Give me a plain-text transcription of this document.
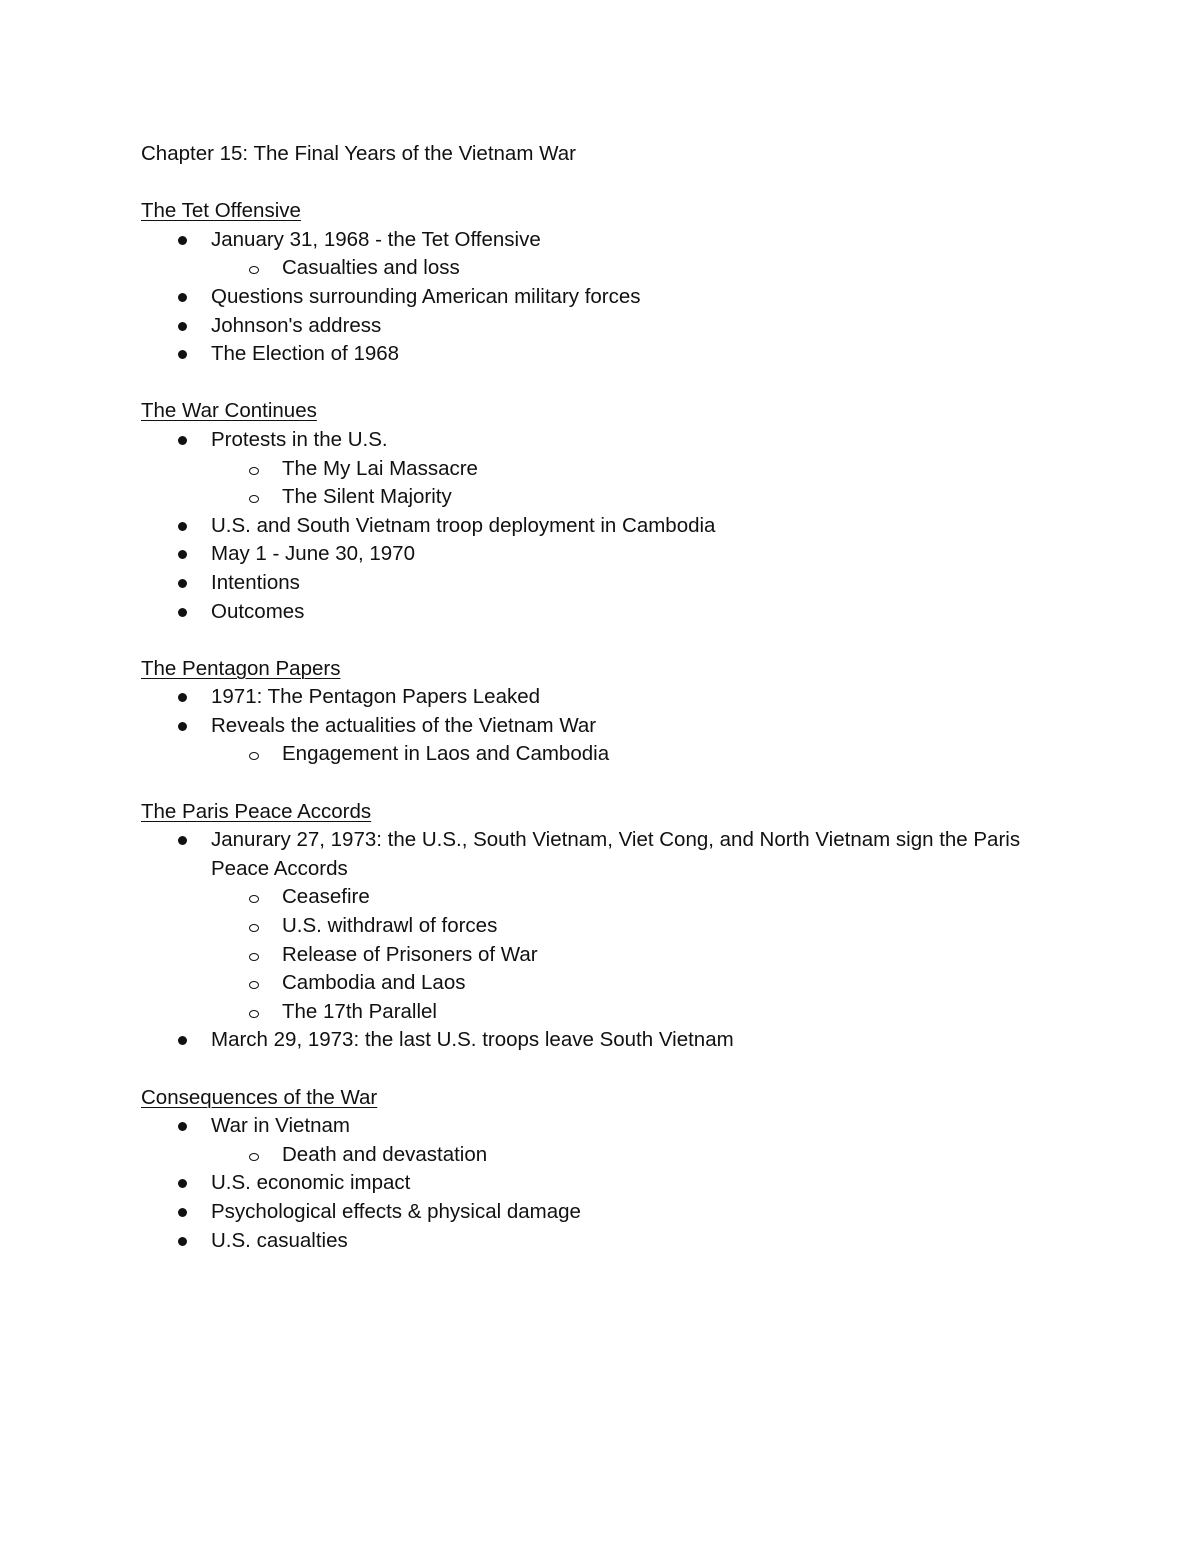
Chapter 15: The Final Years of the Vietnam War

The Tet Offensive

January 31, 1968 - the Tet Offensive
Casualties and loss
Questions surrounding American military forces
Johnson's address
The Election of 1968

The War Continues

Protests in the U.S.
The My Lai Massacre
The Silent Majority
U.S. and South Vietnam troop deployment in Cambodia
May 1 - June 30, 1970
Intentions
Outcomes

The Pentagon Papers

1971: The Pentagon Papers Leaked
Reveals the actualities of the Vietnam War
Engagement in Laos and Cambodia

The Paris Peace Accords

Janurary 27, 1973: the U.S., South Vietnam, Viet Cong, and North Vietnam sign the Paris Peace Accords
Ceasefire
U.S. withdrawl of forces
Release of Prisoners of War
Cambodia and Laos
The 17th Parallel
March 29, 1973: the last U.S. troops leave South Vietnam

Consequences of the War

War in Vietnam
Death and devastation
U.S. economic impact
Psychological effects & physical damage
U.S. casualties
